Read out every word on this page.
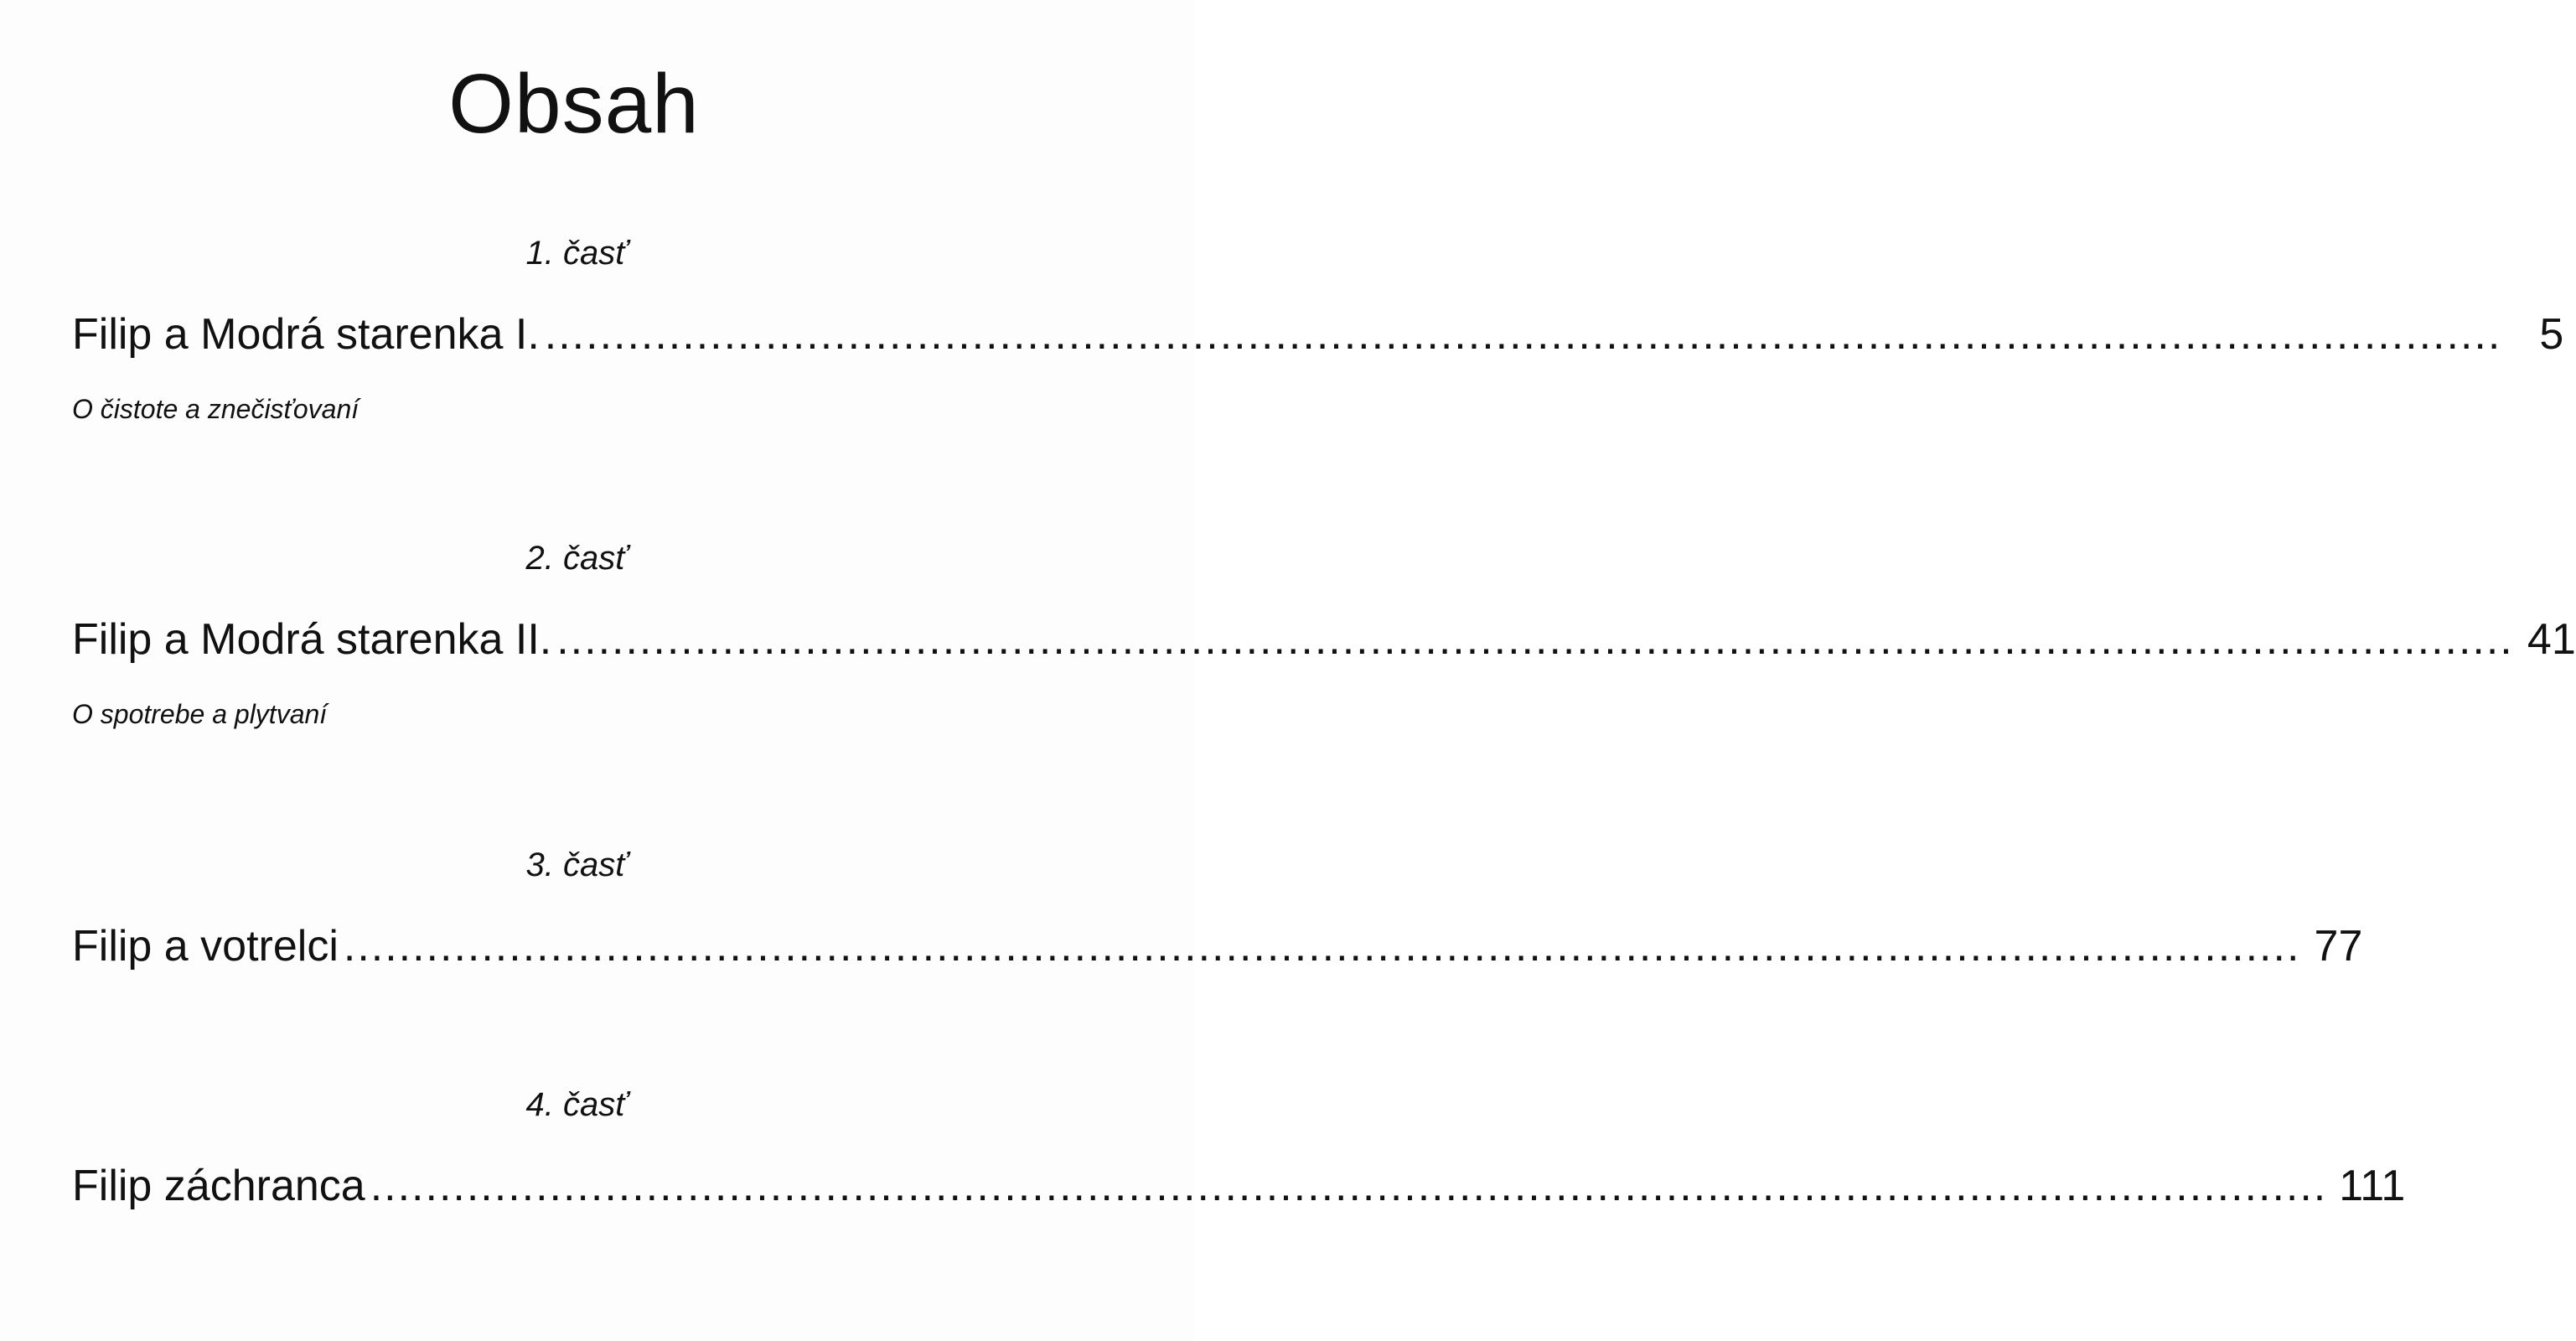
Obsah
1. časť
Filip a Modrá starenka I. .............................................................................................................................................. 5
O čistote a znečisťovaní
2. časť
Filip a Modrá starenka II. .............................................................................................................................................. 41
O spotrebe a plytvaní
3. časť
Filip a votrelci .............................................................................................................................................. 77
4. časť
Filip záchranca .............................................................................................................................................. 111
